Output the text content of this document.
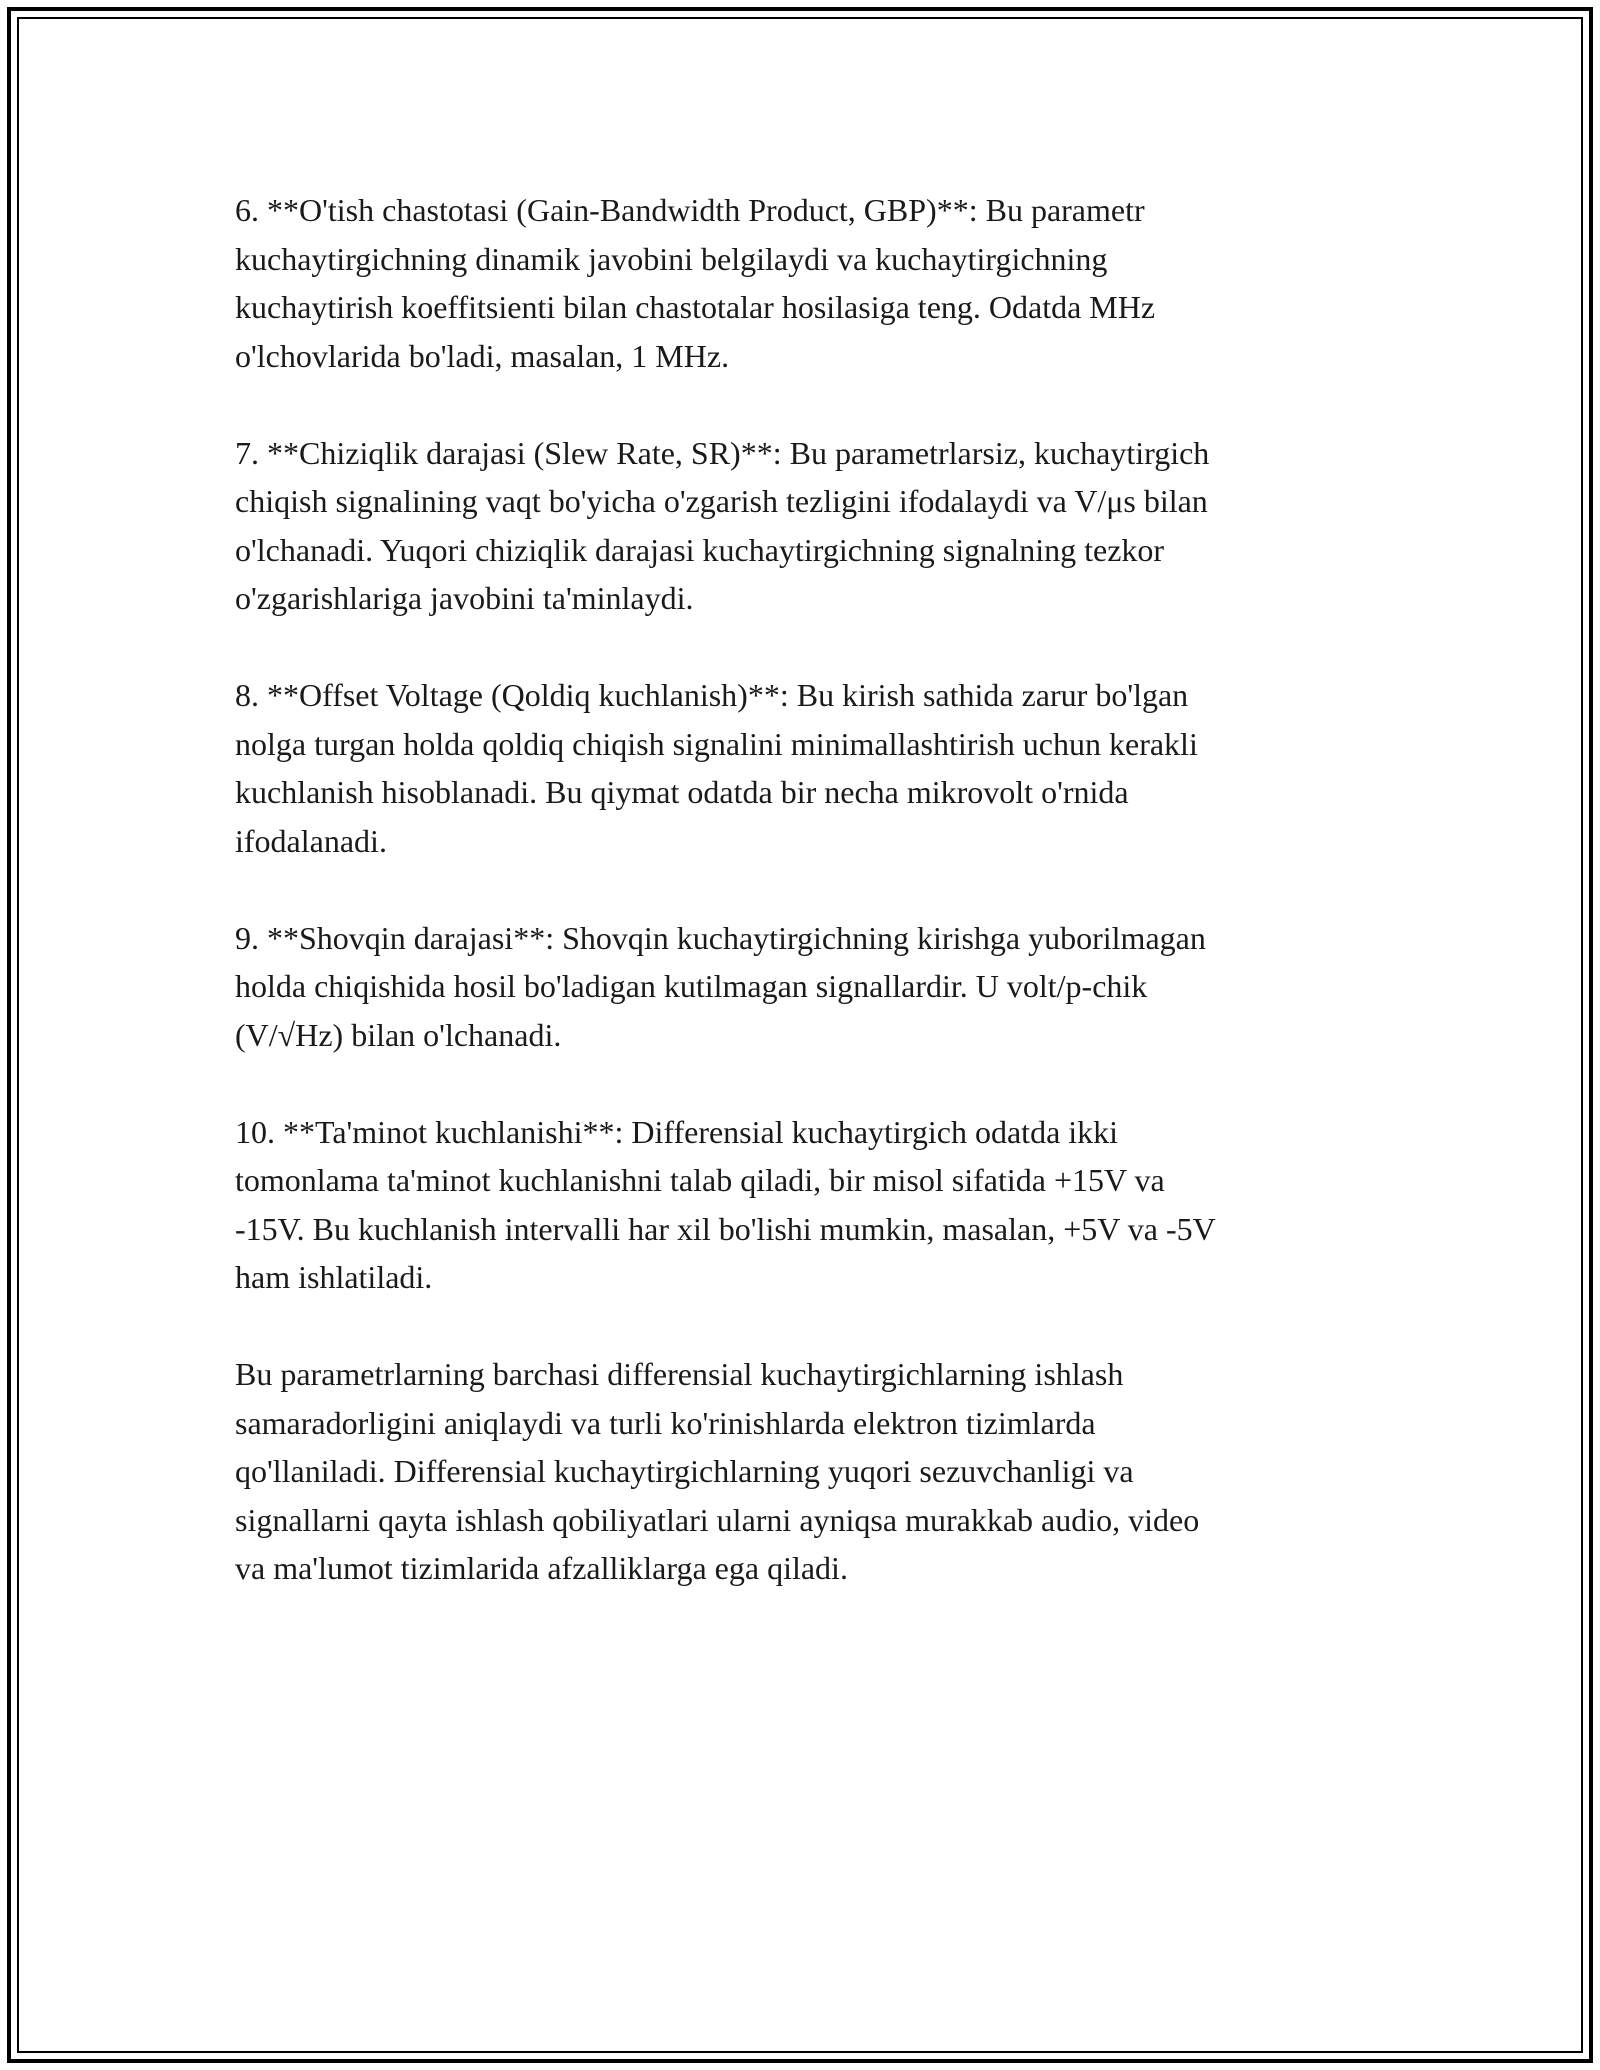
6. **O'tish chastotasi (Gain-Bandwidth Product, GBP)**: Bu parametr
kuchaytirgichning dinamik javobini belgilaydi va kuchaytirgichning
kuchaytirish koeffitsienti bilan chastotalar hosilasiga teng. Odatda MHz
o'lchovlarida bo'ladi, masalan, 1 MHz.

7. **Chiziqlik darajasi (Slew Rate, SR)**: Bu parametrlarsiz, kuchaytirgich
chiqish signalining vaqt bo'yicha o'zgarish tezligini ifodalaydi va V/μs bilan
o'lchanadi. Yuqori chiziqlik darajasi kuchaytirgichning signalning tezkor
o'zgarishlariga javobini ta'minlaydi.

8. **Offset Voltage (Qoldiq kuchlanish)**: Bu kirish sathida zarur bo'lgan
nolga turgan holda qoldiq chiqish signalini minimallashtirish uchun kerakli
kuchlanish hisoblanadi. Bu qiymat odatda bir necha mikrovolt o'rnida
ifodalanadi.

9. **Shovqin darajasi**: Shovqin kuchaytirgichning kirishga yuborilmagan
holda chiqishida hosil bo'ladigan kutilmagan signallardir. U volt/p-chik
(V/√Hz) bilan o'lchanadi.

10. **Ta'minot kuchlanishi**: Differensial kuchaytirgich odatda ikki
tomonlama ta'minot kuchlanishni talab qiladi, bir misol sifatida +15V va
-15V. Bu kuchlanish intervalli har xil bo'lishi mumkin, masalan, +5V va -5V
ham ishlatiladi.

Bu parametrlarning barchasi differensial kuchaytirgichlarning ishlash
samaradorligini aniqlaydi va turli ko'rinishlarda elektron tizimlarda
qo'llaniladi. Differensial kuchaytirgichlarning yuqori sezuvchanligi va
signallarni qayta ishlash qobiliyatlari ularni ayniqsa murakkab audio, video
va ma'lumot tizimlarida afzalliklarga ega qiladi.
